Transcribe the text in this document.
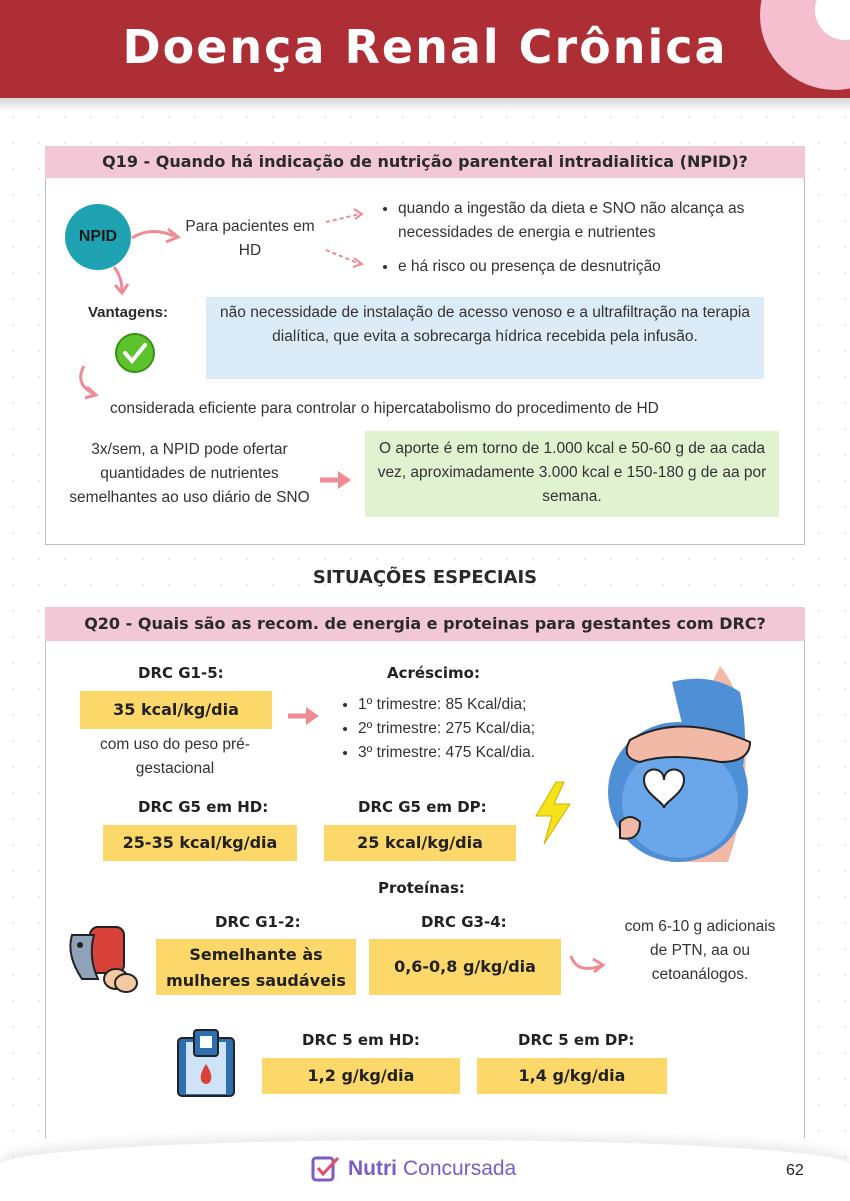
Doença Renal Crônica
Q19 - Quando há indicação de nutrição parenteral intradialitica (NPID)?
NPID
Para pacientes em HD
• quando a ingestão da dieta e SNO não alcança as necessidades de energia e nutrientes
• e há risco ou presença de desnutrição
Vantagens:	não necessidade de instalação de acesso venoso e a ultrafiltração na terapia dialítica, que evita a sobrecarga hídrica recebida pela infusão.
considerada eficiente para controlar o hipercatabolismo do procedimento de HD
3x/sem, a NPID pode ofertar quantidades de nutrientes semelhantes ao uso diário de SNO
O aporte é em torno de 1.000 kcal e 50-60 g de aa cada vez, aproximadamente 3.000 kcal e 150-180 g de aa por semana.
SITUAÇÕES ESPECIAIS
Q20 - Quais são as recom. de energia e proteinas para gestantes com DRC?
DRC G1-5:
35 kcal/kg/dia
com uso do peso pré-gestacional
Acréscimo:
• 1º trimestre: 85 Kcal/dia;
• 2º trimestre: 275 Kcal/dia;
• 3º trimestre: 475 Kcal/dia.
DRC G5 em HD:
25-35 kcal/kg/dia
DRC G5 em DP:
25 kcal/kg/dia
Proteínas:
DRC G1-2:
Semelhante às mulheres saudáveis
DRC G3-4:
0,6-0,8 g/kg/dia
com 6-10 g adicionais de PTN, aa ou cetoanálogos.
DRC 5 em HD:
1,2 g/kg/dia
DRC 5 em DP:
1,4 g/kg/dia
Nutri Concursada	62
